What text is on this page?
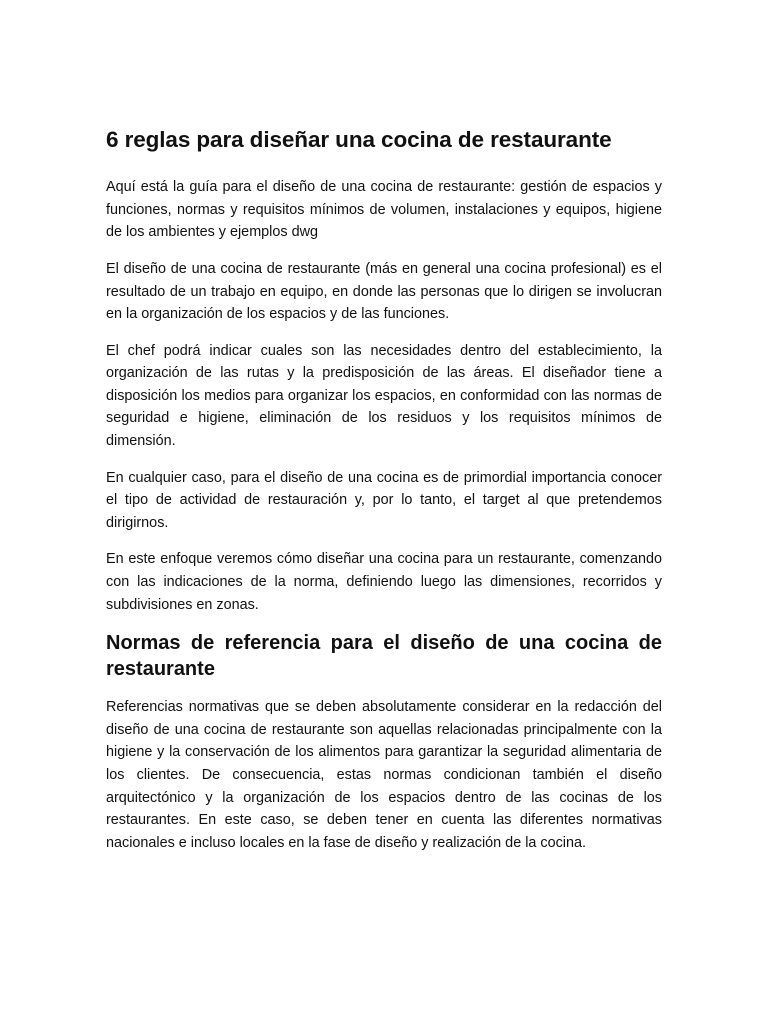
6 reglas para diseñar una cocina de restaurante

Aquí está la guía para el diseño de una cocina de restaurante: gestión de espacios y funciones, normas y requisitos mínimos de volumen, instalaciones y equipos, higiene de los ambientes y ejemplos dwg

El diseño de una cocina de restaurante (más en general una cocina profesional) es el resultado de un trabajo en equipo, en donde las personas que lo dirigen se involucran en la organización de los espacios y de las funciones.

El chef podrá indicar cuales son las necesidades dentro del establecimiento, la organización de las rutas y la predisposición de las áreas. El diseñador tiene a disposición los medios para organizar los espacios, en conformidad con las normas de seguridad e higiene, eliminación de los residuos y los requisitos mínimos de dimensión.

En cualquier caso, para el diseño de una cocina es de primordial importancia conocer el tipo de actividad de restauración y, por lo tanto, el target al que pretendemos dirigirnos.

En este enfoque veremos cómo diseñar una cocina para un restaurante, comenzando con las indicaciones de la norma, definiendo luego las dimensiones, recorridos y subdivisiones en zonas.

Normas de referencia para el diseño de una cocina de restaurante

Referencias normativas que se deben absolutamente considerar en la redacción del diseño de una cocina de restaurante son aquellas relacionadas principalmente con la higiene y la conservación de los alimentos para garantizar la seguridad alimentaria de los clientes. De consecuencia, estas normas condicionan también el diseño arquitectónico y la organización de los espacios dentro de las cocinas de los restaurantes. En este caso, se deben tener en cuenta las diferentes normativas nacionales e incluso locales en la fase de diseño y realización de la cocina.
